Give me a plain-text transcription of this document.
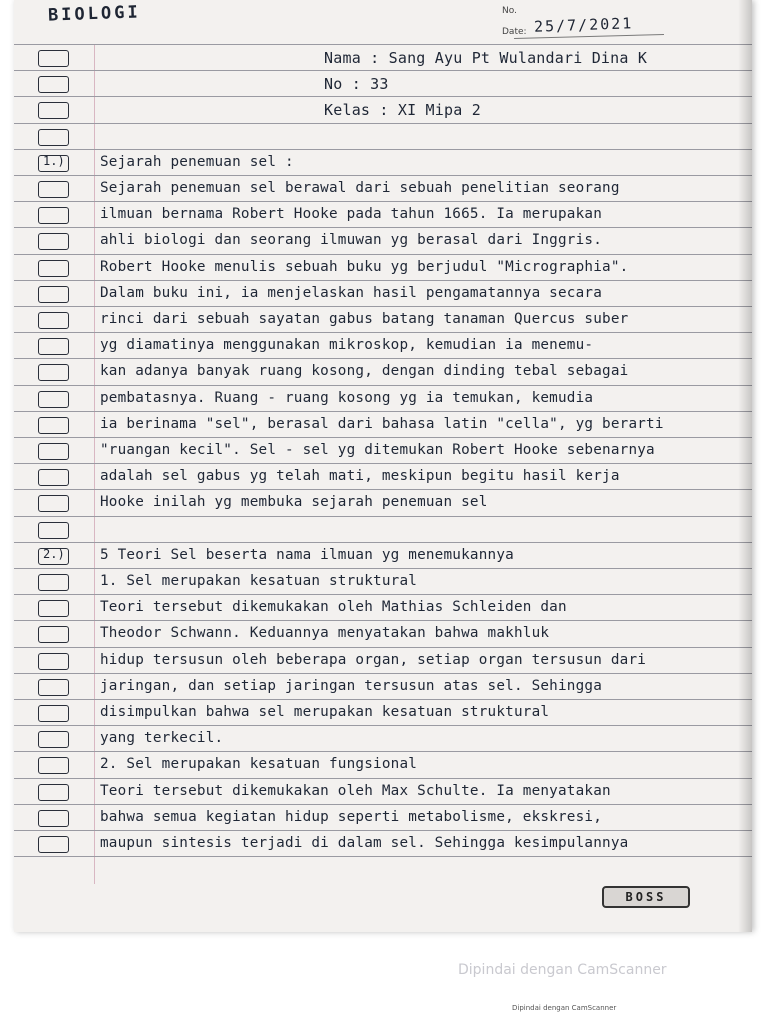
BIOLOGI	No.
Date: 25/7/2021
Nama : Sang Ayu Pt Wulandari Dina K
No : 33
Kelas : XI Mipa 2
1.) Sejarah penemuan sel :
Sejarah penemuan sel berawal dari sebuah penelitian seorang
ilmuan bernama Robert Hooke pada tahun 1665. Ia merupakan
ahli biologi dan seorang ilmuwan yg berasal dari Inggris.
Robert Hooke menulis sebuah buku yg berjudul "Micrographia".
Dalam buku ini, ia menjelaskan hasil pengamatannya secara
rinci dari sebuah sayatan gabus batang tanaman Quercus suber
yg diamatinya menggunakan mikroskop, kemudian ia menemu-
kan adanya banyak ruang kosong, dengan dinding tebal sebagai
pembatasnya. Ruang - ruang kosong yg ia temukan, kemudia
ia berinama "sel", berasal dari bahasa latin "cella", yg berarti
"ruangan kecil". Sel - sel yg ditemukan Robert Hooke sebenarnya
adalah sel gabus yg telah mati, meskipun begitu hasil kerja
Hooke inilah yg membuka sejarah penemuan sel
2.) 5 Teori Sel beserta nama ilmuan yg menemukannya
1. Sel merupakan kesatuan struktural
Teori tersebut dikemukakan oleh Mathias Schleiden dan
Theodor Schwann. Keduannya menyatakan bahwa makhluk
hidup tersusun oleh beberapa organ, setiap organ tersusun dari
jaringan, dan setiap jaringan tersusun atas sel. Sehingga
disimpulkan bahwa sel merupakan kesatuan struktural
yang terkecil.
2. Sel merupakan kesatuan fungsional
Teori tersebut dikemukakan oleh Max Schulte. Ia menyatakan
bahwa semua kegiatan hidup seperti metabolisme, ekskresi,
maupun sintesis terjadi di dalam sel. Sehingga kesimpulannya
BOSS
Dipindai dengan CamScanner
Dipindai dengan CamScanner
